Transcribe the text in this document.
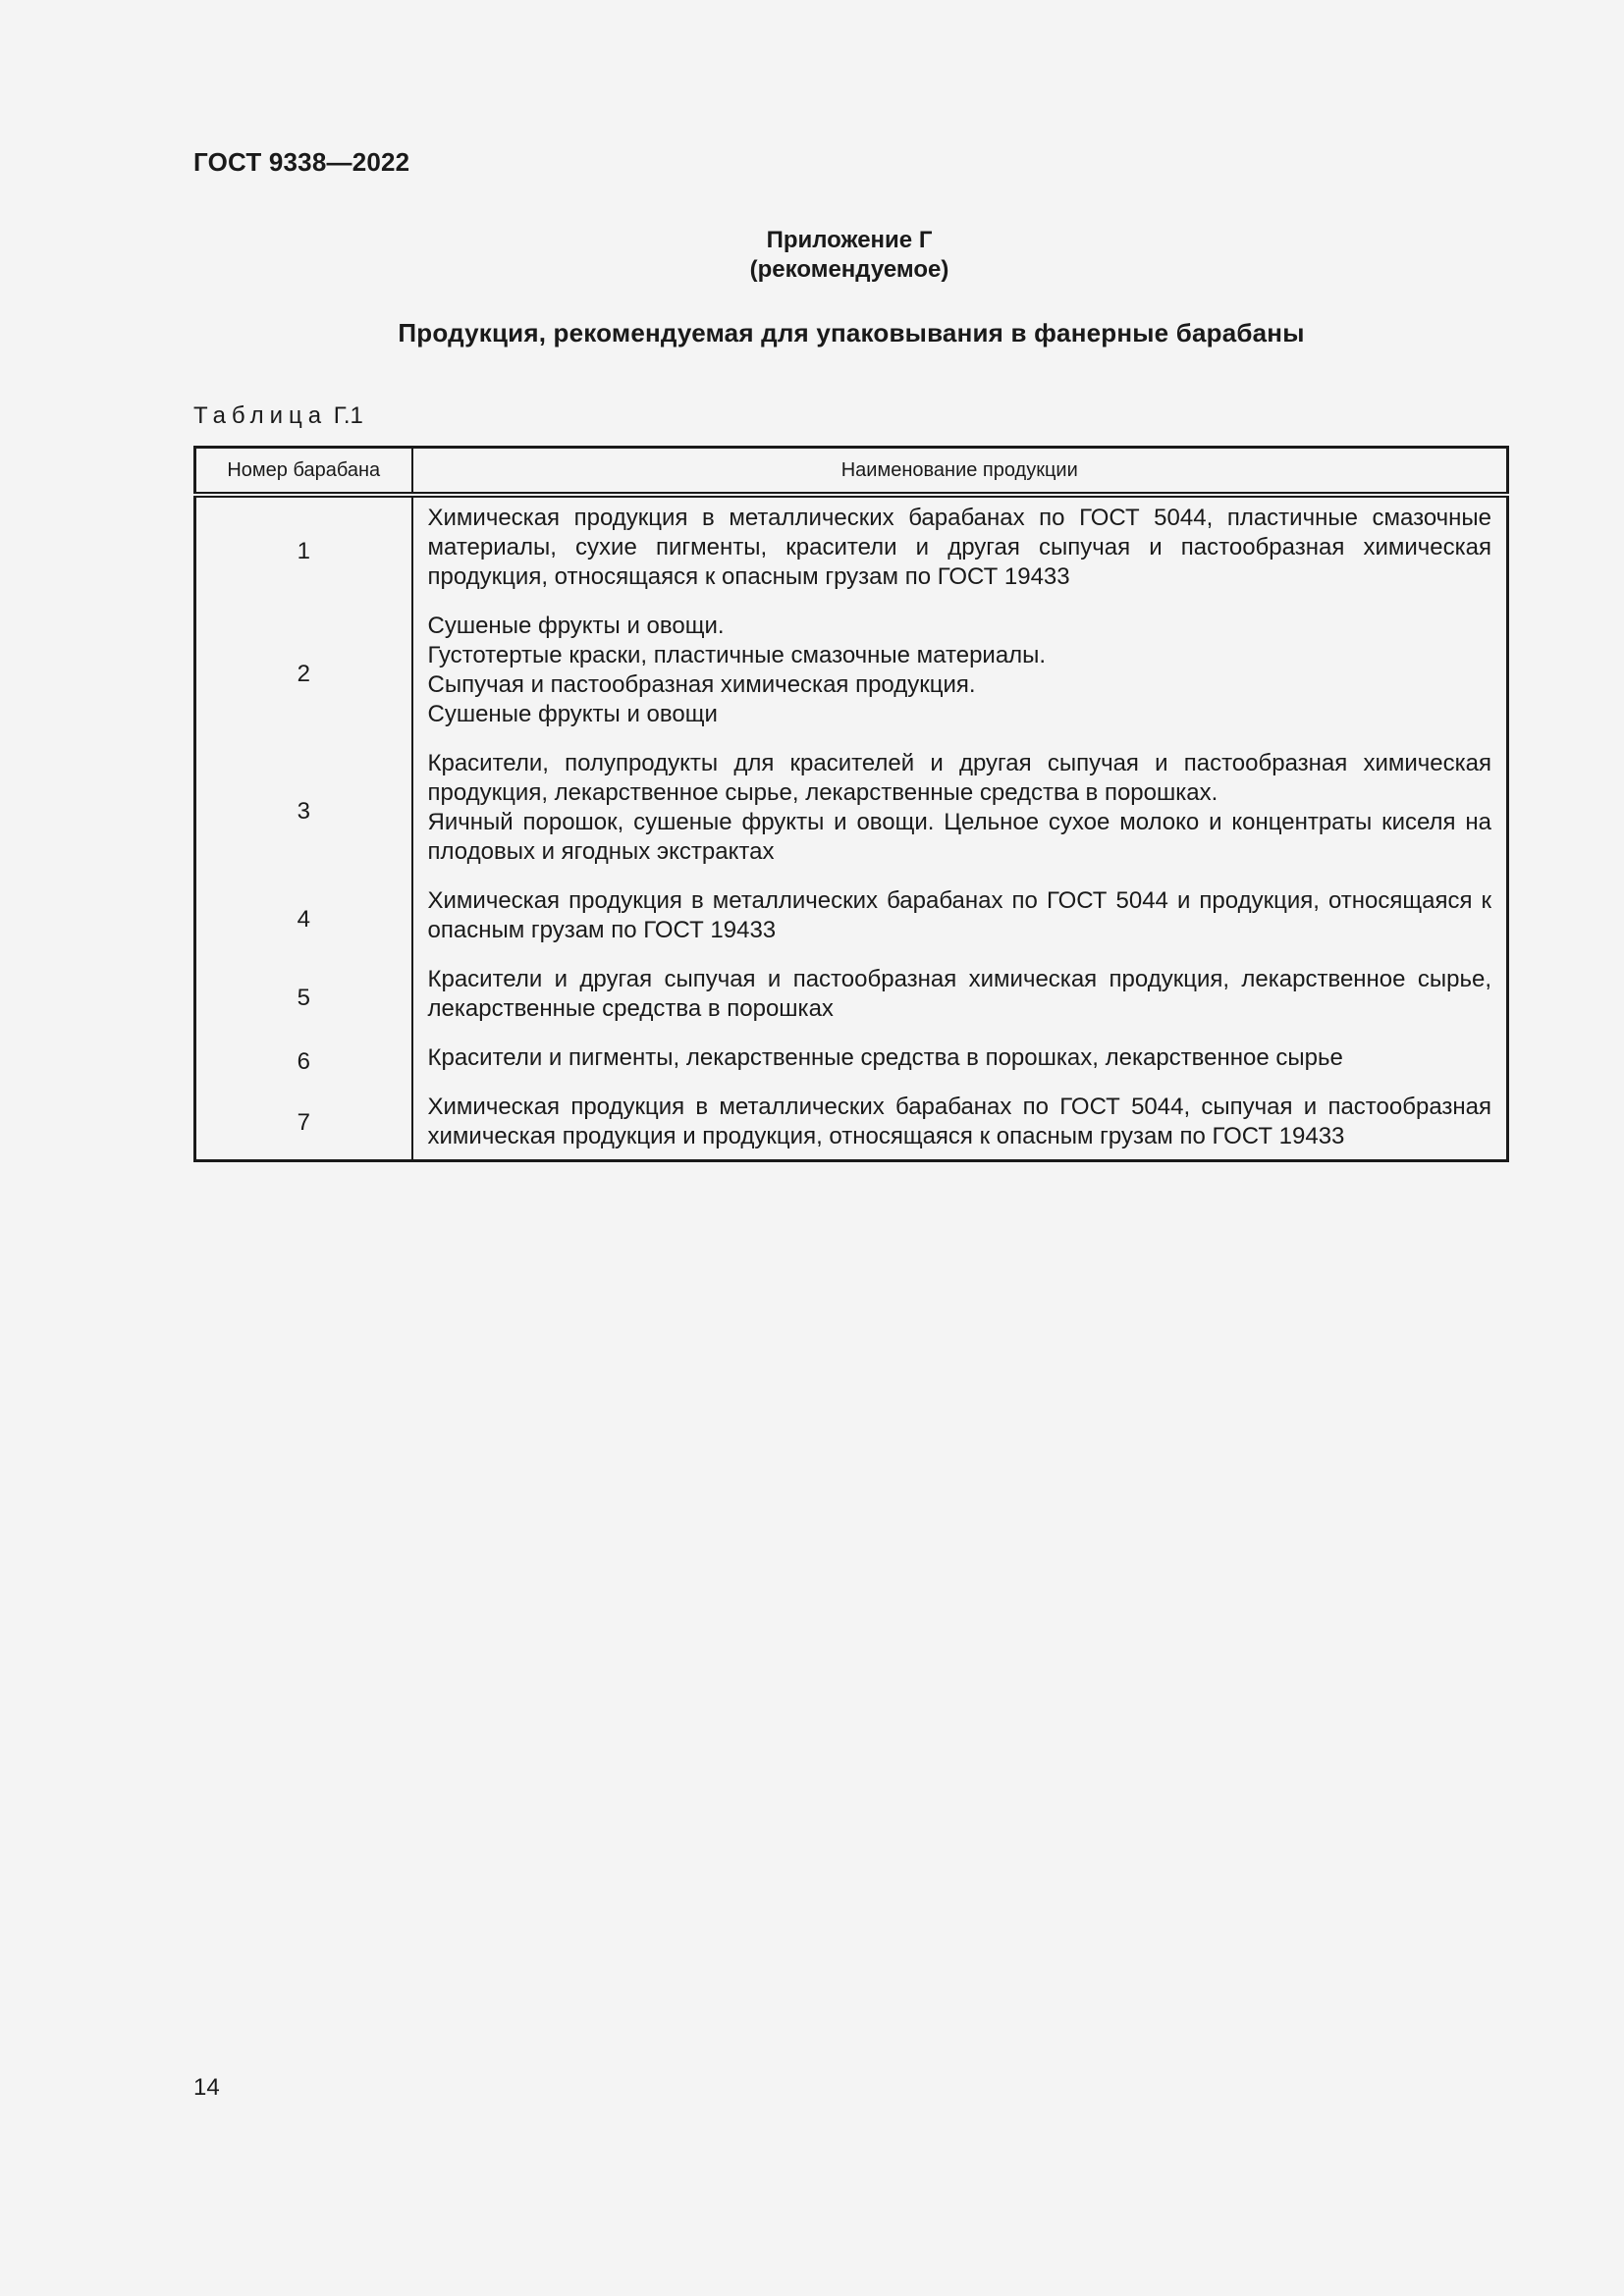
ГОСТ 9338—2022
Приложение Г
(рекомендуемое)
Продукция, рекомендуемая для упаковывания в фанерные барабаны
Таблица Г.1
Номер барабана	Наименование продукции
1	Химическая продукция в металлических барабанах по ГОСТ 5044, пластичные смазочные материалы, сухие пигменты, красители и другая сыпучая и пастообразная химическая продукция, относящаяся к опасным грузам по ГОСТ 19433

2	Сушеные фрукты и овощи.
Густотертые краски, пластичные смазочные материалы.
Сыпучая и пастообразная химическая продукция.
Сушеные фрукты и овощи

3	Красители, полупродукты для красителей и другая сыпучая и пастообразная химическая продукция, лекарственное сырье, лекарственные средства в порошках.
Яичный порошок, сушеные фрукты и овощи. Цельное сухое молоко и концентраты киселя на плодовых и ягодных экстрактах

4	Химическая продукция в металлических барабанах по ГОСТ 5044 и продукция, относящаяся к опасным грузам по ГОСТ 19433

5	Красители и другая сыпучая и пастообразная химическая продукция, лекарственное сырье, лекарственные средства в порошках

6	Красители и пигменты, лекарственные средства в порошках, лекарственное сырье

7	Химическая продукция в металлических барабанах по ГОСТ 5044, сыпучая и пастообразная химическая продукция и продукция, относящаяся к опасным грузам по ГОСТ 19433
14
